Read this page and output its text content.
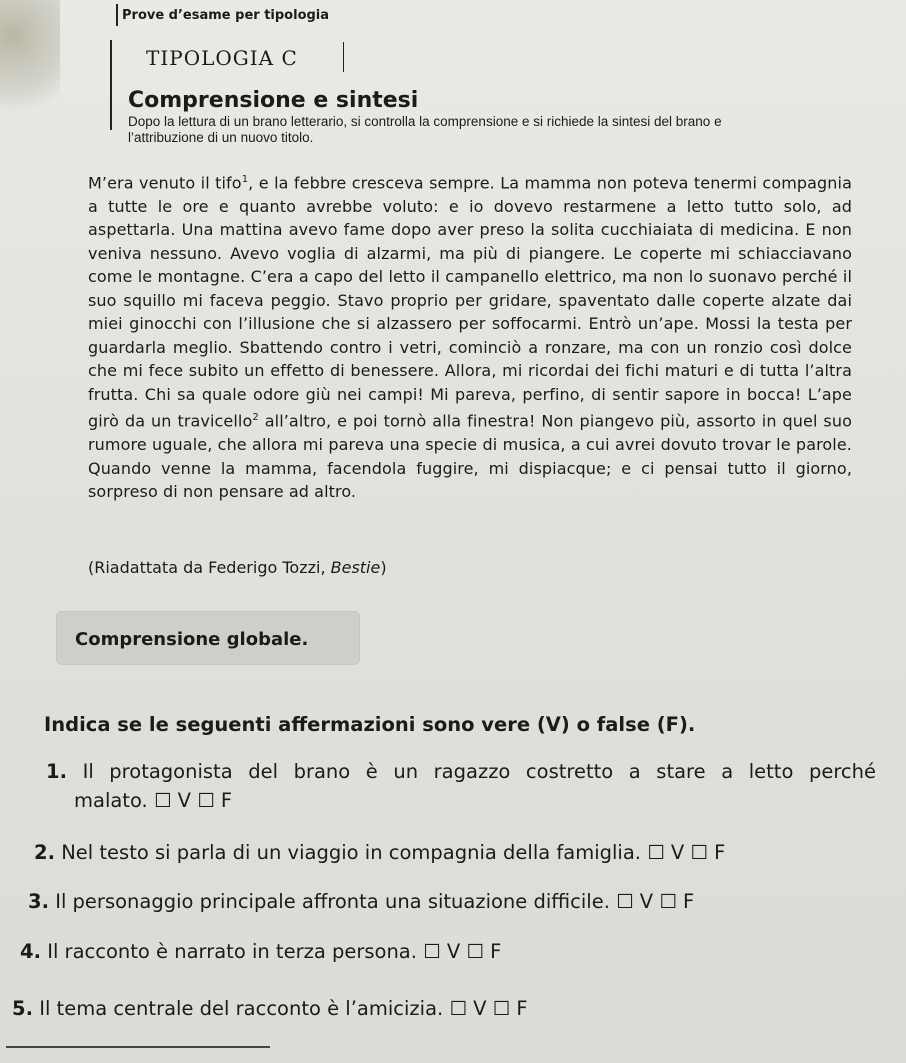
Prove d’esame per tipologia
TIPOLOGIA C
Comprensione e sintesi
Dopo la lettura di un brano letterario, si controlla la comprensione e si richiede la sintesi del brano e l’attribuzione di un nuovo titolo.
M’era venuto il tifo$^1$, e la febbre cresceva sempre. La mamma non poteva tenermi compagnia a tutte le ore e quanto avrebbe voluto: e io dovevo restarmene a letto tutto solo, ad aspettarla. Una mattina avevo fame dopo aver preso la solita cucchiaiata di medicina. E non veniva nessuno. Avevo voglia di alzarmi, ma più di piangere. Le coperte mi schiacciavano come le montagne. C’era a capo del letto il campanello elettrico, ma non lo suonavo perché il suo squillo mi faceva peggio. Stavo proprio per gridare, spaventato dalle coperte alzate dai miei ginocchi con l’illusione che si alzassero per soffocarmi. Entrò un’ape. Mossi la testa per guardarla meglio. Sbattendo contro i vetri, cominciò a ronzare, ma con un ronzio così dolce che mi fece subito un effetto di benessere. Allora, mi ricordai dei fichi maturi e di tutta l’altra frutta. Chi sa quale odore giù nei campi! Mi pareva, perfino, di sentir sapore in bocca! L’ape girò da un travicello$^2$ all’altro, e poi tornò alla finestra! Non piangevo più, assorto in quel suo rumore uguale, che allora mi pareva una specie di musica, a cui avrei dovuto trovar le parole. Quando venne la mamma, facendola fuggire, mi dispiacque; e ci pensai tutto il giorno, sorpreso di non pensare ad altro.
(Riadattata da Federigo Tozzi, Bestie)
Comprensione globale.
Indica se le seguenti affermazioni sono vere (V) o false (F).
1. Il protagonista del brano è un ragazzo costretto a stare a letto perché
malato. ☐ V ☐ F
2. Nel testo si parla di un viaggio in compagnia della famiglia. ☐ V ☐ F
3. Il personaggio principale affronta una situazione difficile. ☐ V ☐ F
4. Il racconto è narrato in terza persona. ☐ V ☐ F
5. Il tema centrale del racconto è l’amicizia. ☐ V ☐ F
